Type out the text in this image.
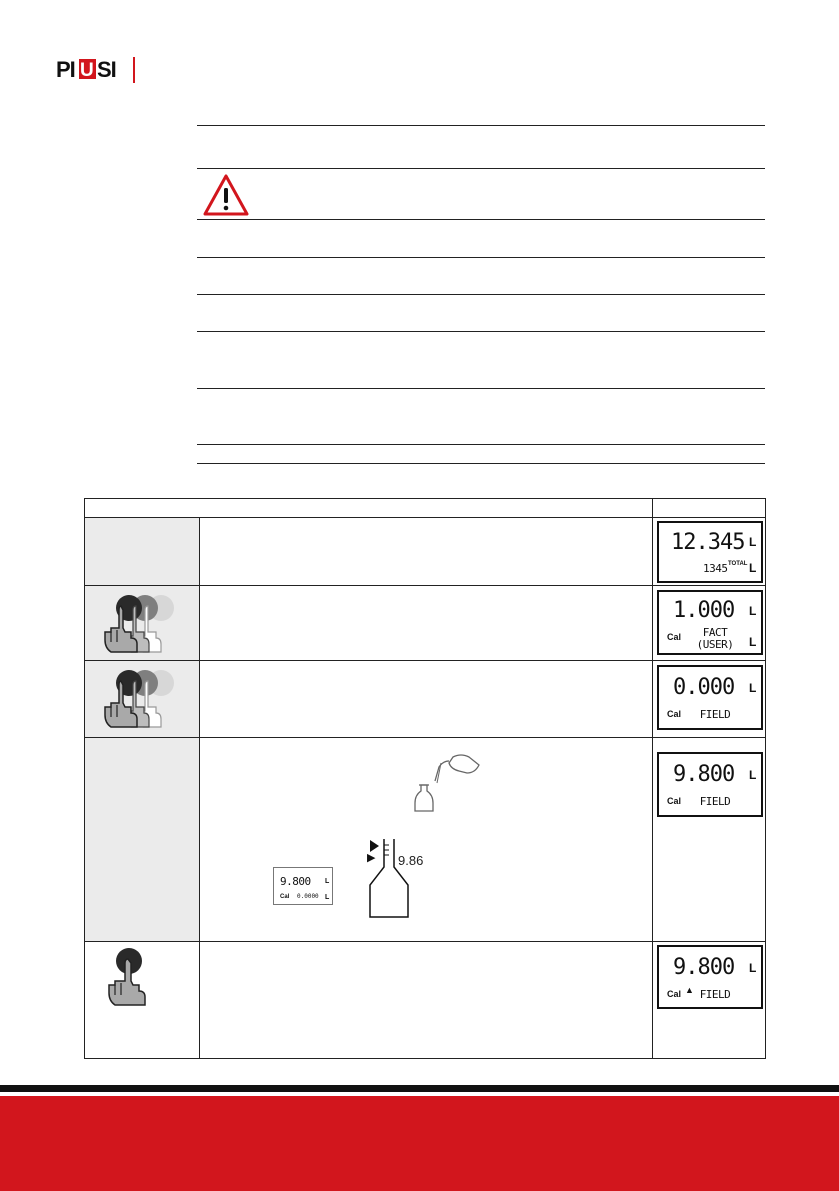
PI U SI
9.800 L
Cal 0.0000 L
9.86
12.345 L
1345 TOTAL L
1.000 L
Cal	FACT
(USER)	L
0.000 L
Cal	FIELD
9.800 L
Cal	FIELD
9.800 L
Cal ▲ FIELD
▶
